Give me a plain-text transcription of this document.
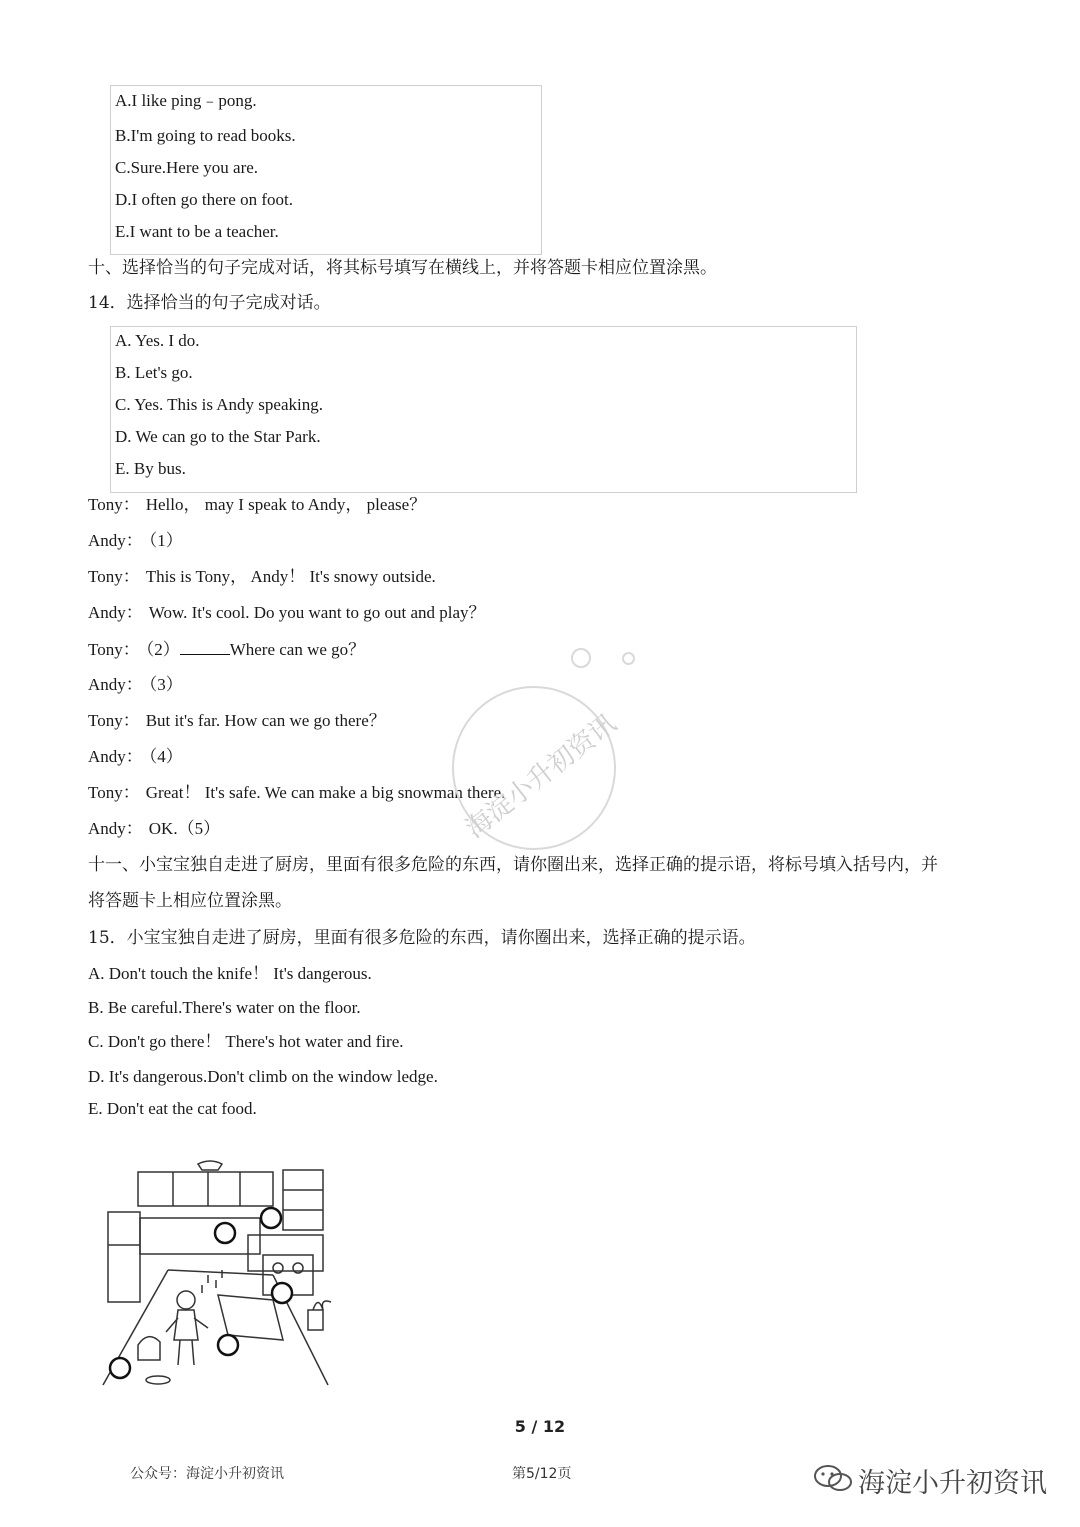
A.I like ping﹣pong.
B.I'm going to read books.
C.Sure.Here you are.
D.I often go there on foot.
E.I want to be a teacher.
十、选择恰当的句子完成对话，将其标号填写在横线上，并将答题卡相应位置涂黑。
14．选择恰当的句子完成对话。
A. Yes. I do.
B. Let's go.
C. Yes. This is Andy speaking.
D. We can go to the Star Park.
E. By bus.
Tony： Hello， may I speak to Andy， please？
Andy： （1）
Tony： This is Tony， Andy！ It's snowy outside.
Andy： Wow. It's cool. Do you want to go out and play？
Tony： （2）	Where can we go？
Andy： （3）
Tony： But it's far. How can we go there？
Andy： （4）
Tony： Great！ It's safe. We can make a big snowman there.
Andy： OK.（5）	海淀小升初资讯
十一、小宝宝独自走进了厨房，里面有很多危险的东西，请你圈出来，选择正确的提示语，将标号填入括号内，并
将答题卡上相应位置涂黑。
15．小宝宝独自走进了厨房，里面有很多危险的东西，请你圈出来，选择正确的提示语。
A. Don't touch the knife！ It's dangerous.
B. Be careful.There's water on the floor.
C. Don't go there！ There's hot water and fire.
D. It's dangerous.Don't climb on the window ledge.
E. Don't eat the cat food.
5 / 12
公众号：海淀小升初资讯	第5/12页	海淀小升初资讯
